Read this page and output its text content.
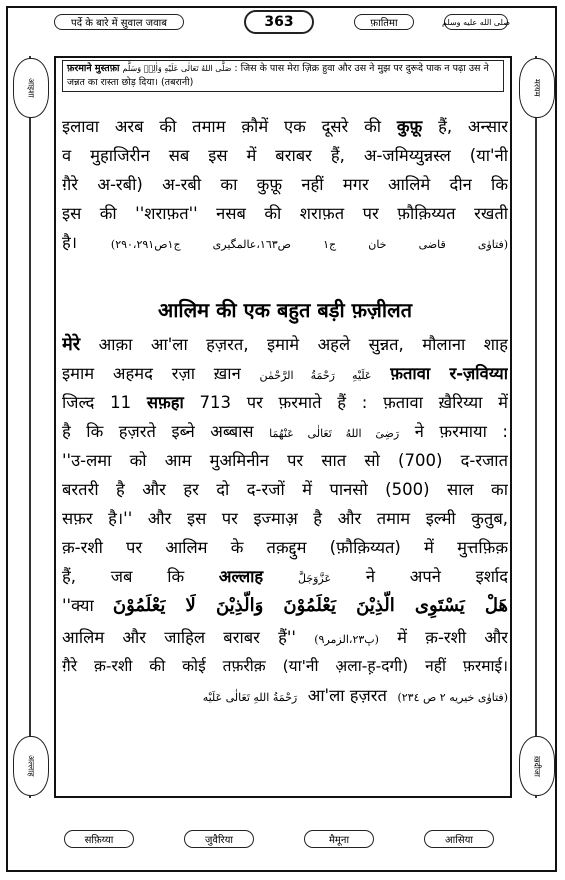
पर्दे के बारे में सुवाल जवाब	363	फ़ातिमा	صلى الله عليه وسلم
आइशा
अल्लाह
मरयम
ख़दीजा
फ़रमाने मुस्तफ़ा صَلَّی اللهُ تَعَالٰی عَلَیْهِ وَاٰلِهٖ وَسَلَّم : जिस के पास मेरा ज़िक्र हुवा और उस ने मुझ पर दुरूदे पाक न पढ़ा उस ने जन्नत का रास्ता छोड़ दिया। (तबरानी)
इलावा अरब की तमाम क़ौमें एक दूसरे की कुफ़ू हैं, अन्सार
व मुहाजिरीन सब इस में बराबर हैं, अ-जमिय्युन्नस्ल (या'नी
ग़ैरे अ-रबी) अ-रबी का कुफ़ू नहीं मगर आलिमे दीन कि
इस की ''शराफ़त'' नसब की शराफ़त पर फ़ौक़िय्यत रखती
है।	(فتاوٰی قاضی خان ج١ ص١٦٣،عالمگیری ج١ص٢٩٠،٢٩١)
आलिम की एक बहुत बड़ी फ़ज़ीलत
मेरे आक़ा आ'ला हज़रत, इमामे अहले सुन्नत, मौलाना शाह
इमाम अहमद रज़ा ख़ान عَلَیْهِ رَحْمَةُ الرَّحْمٰن फ़तावा र-ज़विय्या
जिल्द 11 सफ़हा 713 पर फ़रमाते हैं : फ़तावा ख़ैरिय्या में
है कि हज़रते इब्ने अब्बास رَضِیَ اللهُ تَعَالٰی عَنْهُمَا ने फ़रमाया :
''उ-लमा को आम मुअमिनीन पर सात सो (700) द-रजात
बरतरी है और हर दो द-रजों में पानसो (500) साल का
सफ़र है।'' और इस पर इज्माअ़ है और तमाम इल्मी कुतुब,
क़-रशी पर आलिम के तक़द्दुम (फ़ौक़िय्यत) में मुत्तफ़िक़
हैं, जब कि अल्लाह	عَزَّوَجَلَّ ने अपने इर्शाद
''क्या هَلْ یَسْتَوِی الَّذِیْنَ یَعْلَمُوْنَ وَالَّذِیْنَ لَا یَعْلَمُوْنَ
आलिम और जाहिल बराबर हैं'' (پ٢٣،الزمر٩) में क़-रशी और
ग़ैरे क़-रशी की कोई तफ़रीक़ (या'नी अ़ला-ह़-दगी) नहीं फ़रमाई।
رَحْمَةُ اللهِ تَعَالٰی عَلَیْه आ'ला हज़रत (فتاوٰی خیریه ٢ ص ٢٣٤)
सफ़िय्या	जुवैरिया	मैमूना	आसिया
